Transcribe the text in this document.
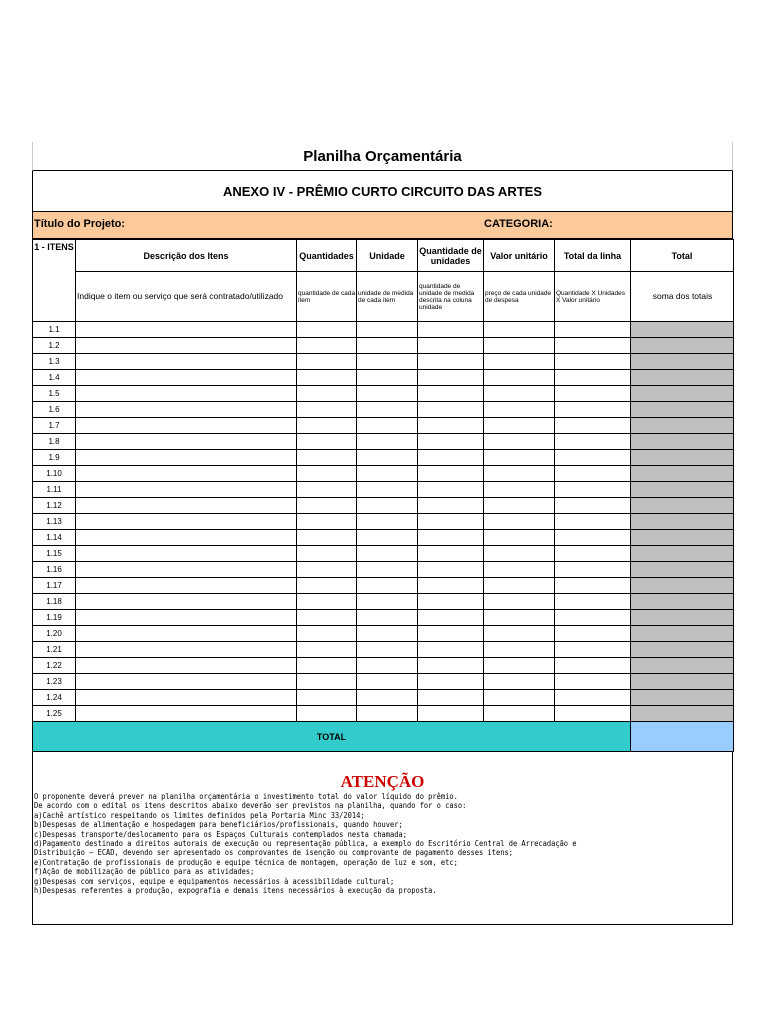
Planilha Orçamentária
ANEXO IV - PRÊMIO CURTO CIRCUITO DAS ARTES
Título do Projeto:	CATEGORIA:
1 - ITENS	Descrição dos Itens	Quantidades	Unidade	Quantidade de unidades	Valor unitário	Total da linha	Total
	Indique o item ou serviço que será contratado/utilizado	quantidade de cada item	unidade de medida de cada item	quantidade de unidade de medida descrita na coluna unidade	preço de cada unidade de despesa	Quantidade X Unidades X Valor unitário	soma dos totais
1.1							
1.2							
1.3							
1.4							
1.5							
1.6							
1.7							
1.8							
1.9							
1.10							
1.11							
1.12							
1.13							
1.14							
1.15							
1.16							
1.17							
1.18							
1.19							
1.20							
1.21							
1.22							
1.23							
1.24							
1.25							
TOTAL							
ATENÇÃO
O proponente deverá prever na planilha orçamentária o investimento total do valor líquido do prêmio.
De acordo com o edital os itens descritos abaixo deverão ser previstos na planilha, quando for o caso:
a)Cachê artístico respeitando os limites definidos pela Portaria Minc 33/2014;
b)Despesas de alimentação e hospedagem para beneficiários/profissionais, quando houver;
c)Despesas transporte/deslocamento para os Espaços Culturais contemplados nesta chamada;
d)Pagamento destinado a direitos autorais de execução ou representação pública, a exemplo do Escritório Central de Arrecadação e
Distribuição – ECAD, devendo ser apresentado os comprovantes de isenção ou comprovante de pagamento desses itens;
e)Contratação de profissionais de produção e equipe técnica de montagem, operação de luz e som, etc;
f)Ação de mobilização de público para as atividades;
g)Despesas com serviços, equipe e equipamentos necessários à acessibilidade cultural;
h)Despesas referentes a produção, expografia e demais itens necessários à execução da proposta.
